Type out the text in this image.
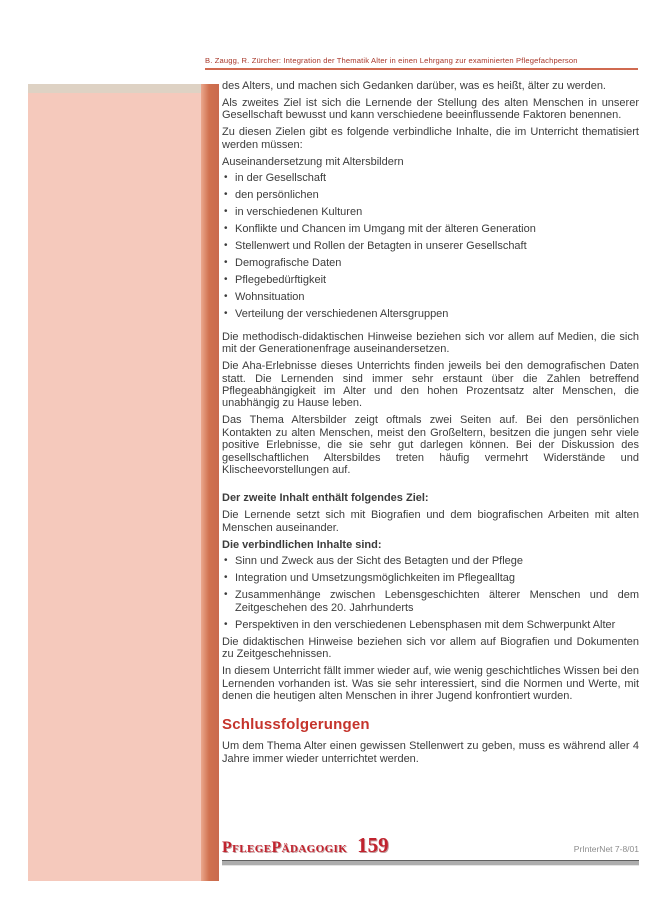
B. Zaugg, R. Zürcher: Integration der Thematik Alter in einen Lehrgang zur examinierten Pflegefachperson

des Alters, und machen sich Gedanken darüber, was es heißt, älter zu werden.

Als zweites Ziel ist sich die Lernende der Stellung des alten Menschen in unserer Gesellschaft bewusst und kann verschiedene beeinflussende Faktoren benennen.

Zu diesen Zielen gibt es folgende verbindliche Inhalte, die im Unterricht thematisiert werden müssen:

Auseinandersetzung mit Altersbildern

• in der Gesellschaft
• den persönlichen
• in verschiedenen Kulturen
• Konflikte und Chancen im Umgang mit der älteren Generation
• Stellenwert und Rollen der Betagten in unserer Gesellschaft
• Demografische Daten
• Pflegebedürftigkeit
• Wohnsituation
• Verteilung der verschiedenen Altersgruppen

Die methodisch-didaktischen Hinweise beziehen sich vor allem auf Medien, die sich mit der Generationenfrage auseinandersetzen.

Die Aha-Erlebnisse dieses Unterrichts finden jeweils bei den demografischen Daten statt. Die Lernenden sind immer sehr erstaunt über die Zahlen betreffend Pflegeabhängigkeit im Alter und den hohen Prozentsatz alter Menschen, die unabhängig zu Hause leben.

Das Thema Altersbilder zeigt oftmals zwei Seiten auf. Bei den persönlichen Kontakten zu alten Menschen, meist den Großeltern, besitzen die jungen sehr viele positive Erlebnisse, die sie sehr gut darlegen können. Bei der Diskussion des gesellschaftlichen Altersbildes treten häufig vermehrt Widerstände und Klischeevorstellungen auf.

Der zweite Inhalt enthält folgendes Ziel:

Die Lernende setzt sich mit Biografien und dem biografischen Arbeiten mit alten Menschen auseinander.

Die verbindlichen Inhalte sind:

• Sinn und Zweck aus der Sicht des Betagten und der Pflege
• Integration und Umsetzungsmöglichkeiten im Pflegealltag
• Zusammenhänge zwischen Lebensgeschichten älterer Menschen und dem Zeitgeschehen des 20. Jahrhunderts
• Perspektiven in den verschiedenen Lebensphasen mit dem Schwerpunkt Alter

Die didaktischen Hinweise beziehen sich vor allem auf Biografien und Dokumenten zu Zeitgeschehnissen.

In diesem Unterricht fällt immer wieder auf, wie wenig geschichtliches Wissen bei den Lernenden vorhanden ist. Was sie sehr interessiert, sind die Normen und Werte, mit denen die heutigen alten Menschen in ihrer Jugend konfrontiert wurden.

Schlussfolgerungen

Um dem Thema Alter einen gewissen Stellenwert zu geben, muss es während aller 4 Jahre immer wieder unterrichtet werden.

PflegePädagogik 159	PrInterNet 7-8/01
